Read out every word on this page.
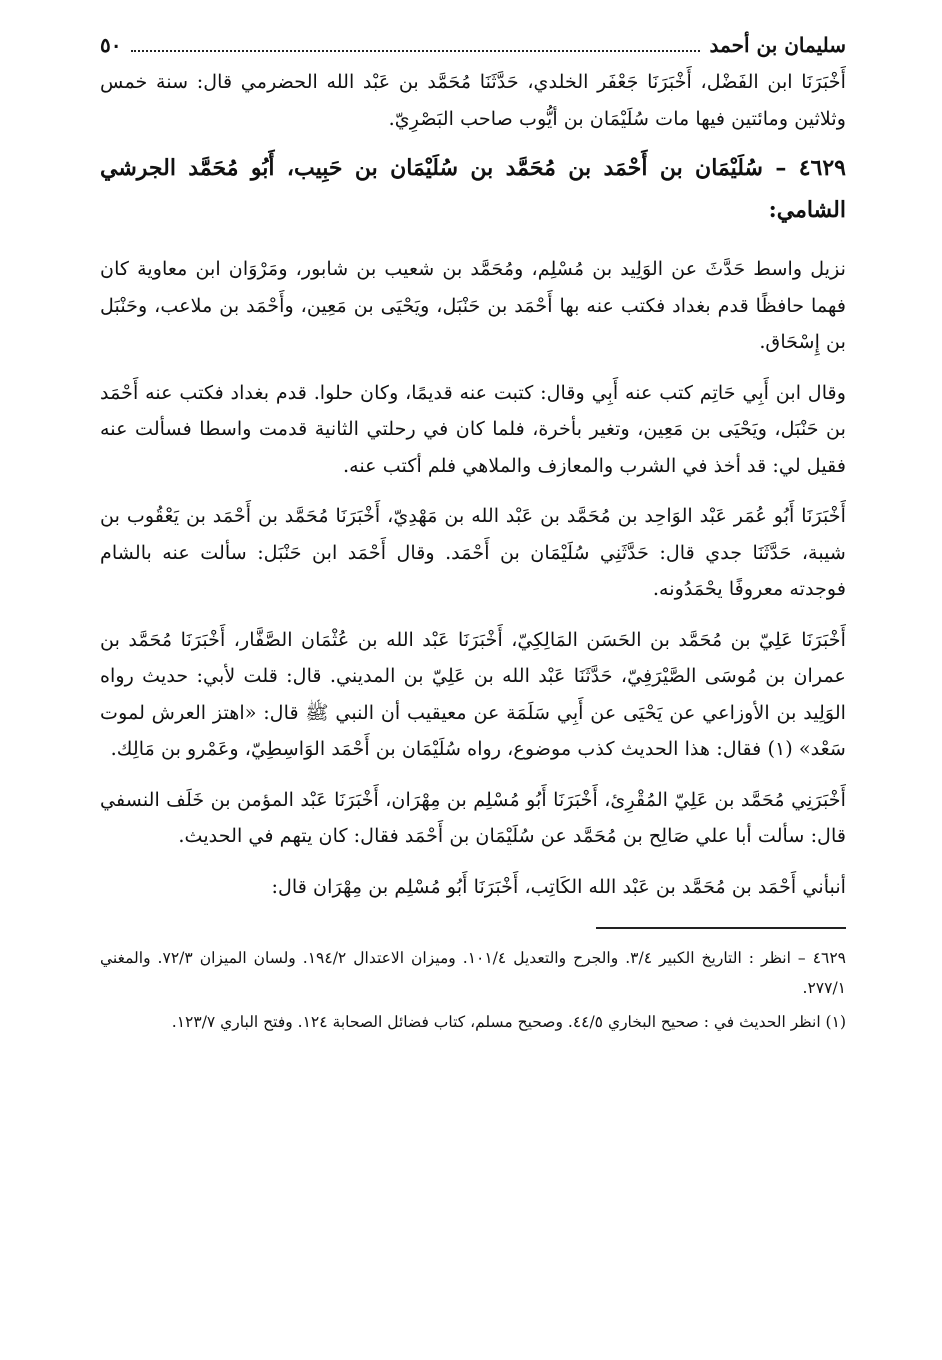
سليمان بن أحمد
٥٠

أَخْبَرَنَا ابن الفَضْل، أَخْبَرَنَا جَعْفَر الخلدي، حَدَّثَنَا مُحَمَّد بن عَبْد الله الحضرمي قال: سنة خمس وثلاثين ومائتين فيها مات سُلَيْمَان بن أيُّوب صاحب البَصْرِيّ.

٤٦٢٩ – سُلَيْمَان بن أَحْمَد بن مُحَمَّد بن سُلَيْمَان بن حَبِيب، أَبُو مُحَمَّد الجرشي الشامي:

نزيل واسط حَدَّثَ عن الوَلِيد بن مُسْلِم، ومُحَمَّد بن شعيب بن شابور، ومَرْوَان ابن معاوية كان فهما حافظًا قدم بغداد فكتب عنه بها أَحْمَد بن حَنْبَل، ويَحْيَى بن مَعِين، وأَحْمَد بن ملاعب، وحَنْبَل بن إِسْحَاق.

وقال ابن أَبِي حَاتِم كتب عنه أَبِي وقال: كتبت عنه قديمًا، وكان حلوا. قدم بغداد فكتب عنه أَحْمَد بن حَنْبَل، ويَحْيَى بن مَعِين، وتغير بأخرة، فلما كان في رحلتي الثانية قدمت واسطا فسألت عنه فقيل لي: قد أخذ في الشرب والمعازف والملاهي فلم أكتب عنه.

أَخْبَرَنَا أَبُو عُمَر عَبْد الوَاحِد بن مُحَمَّد بن عَبْد الله بن مَهْدِيّ، أَخْبَرَنَا مُحَمَّد بن أَحْمَد بن يَعْقُوب بن شيبة، حَدَّثَنَا جدي قال: حَدَّثَنِي سُلَيْمَان بن أَحْمَد. وقال أَحْمَد ابن حَنْبَل: سألت عنه بالشام فوجدته معروفًا يحْمَدُونه.

أَخْبَرَنَا عَلِيّ بن مُحَمَّد بن الحَسَن المَالِكِيّ، أَخْبَرَنَا عَبْد الله بن عُثْمَان الصَّفَّار، أَخْبَرَنَا مُحَمَّد بن عمران بن مُوسَى الصَّيْرَفِيّ، حَدَّثَنَا عَبْد الله بن عَلِيّ بن المديني. قال: قلت لأبي: حديث رواه الوَلِيد بن الأوزاعي عن يَحْيَى عن أَبِي سَلَمَة عن معيقيب أن النبي ﷺ قال: «اهتز العرش لموت سَعْد» (١) فقال: هذا الحديث كذب موضوع، رواه سُلَيْمَان بن أَحْمَد الوَاسِطِيّ، وعَمْرو بن مَالِك.

أَخْبَرَنِي مُحَمَّد بن عَلِيّ المُقْرِئ، أَخْبَرَنَا أَبُو مُسْلِم بن مِهْرَان، أَخْبَرَنَا عَبْد المؤمن بن خَلَف النسفي قال: سألت أبا علي صَالِح بن مُحَمَّد عن سُلَيْمَان بن أَحْمَد فقال: كان يتهم في الحديث.

أنبأني أَحْمَد بن مُحَمَّد بن عَبْد الله الكَاتِب، أَخْبَرَنَا أَبُو مُسْلِم بن مِهْرَان قال:

٤٦٢٩ – انظر : التاريخ الكبير ٣/٤. والجرح والتعديل ١٠١/٤. وميزان الاعتدال ١٩٤/٢. ولسان الميزان ٧٢/٣. والمغني ٢٧٧/١.

(١) انظر الحديث في : صحيح البخاري ٤٤/٥. وصحيح مسلم، كتاب فضائل الصحابة ١٢٤. وفتح الباري ١٢٣/٧.
